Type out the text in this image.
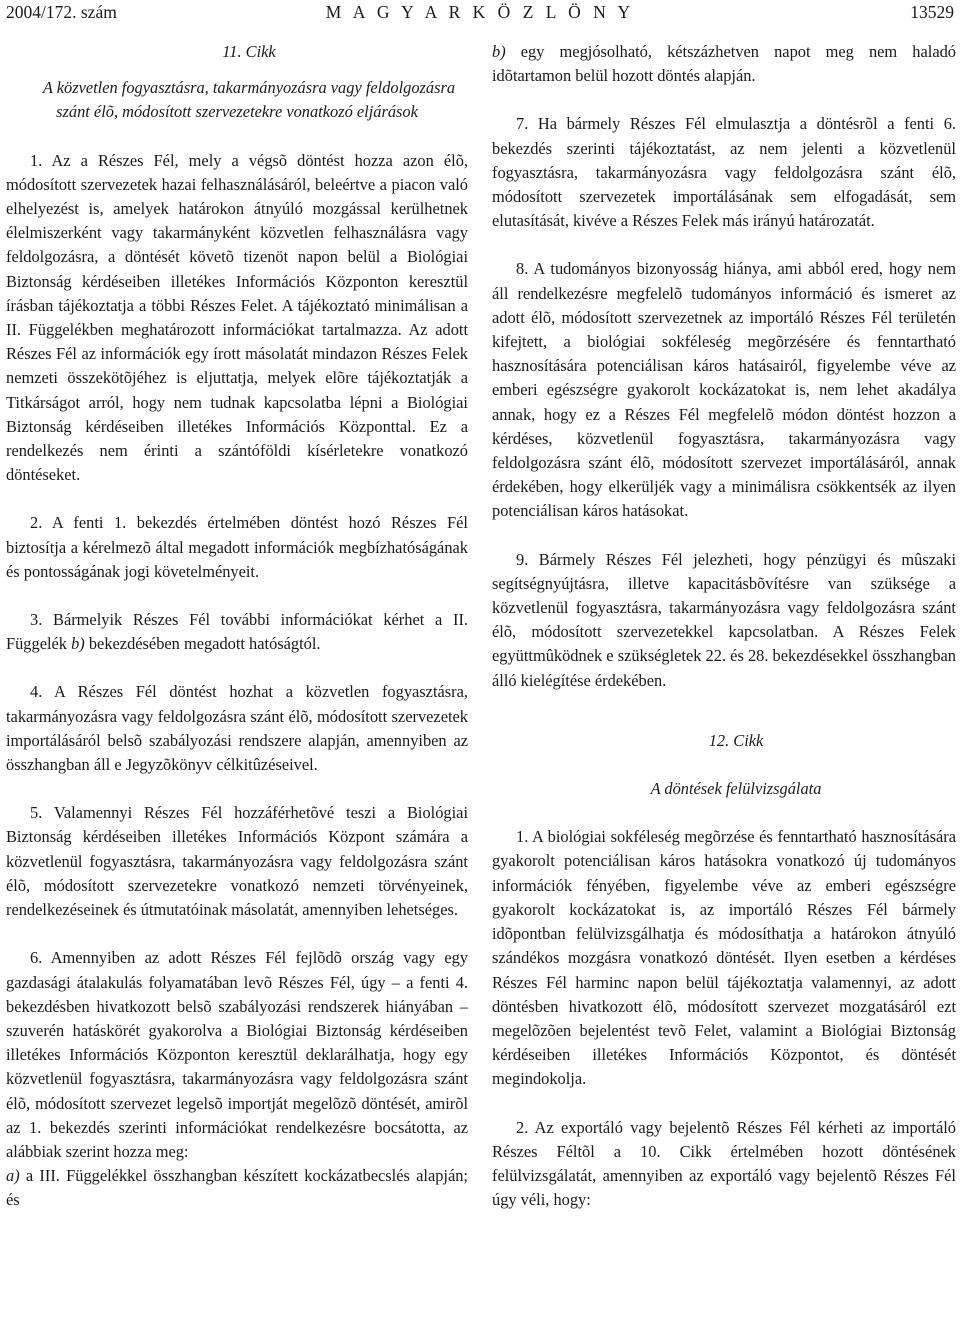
2004/172. szám	M A G Y A R K Ö Z L Ö N Y	13529

11. Cikk

A közvetlen fogyasztásra, takarmányozásra vagy feldolgozásra szánt élõ, módosított szervezetekre vonatkozó eljárások

1. Az a Részes Fél, mely a végsõ döntést hozza azon élõ, módosított szervezetek hazai felhasználásáról, beleértve a piacon való elhelyezést is, amelyek határokon átnyúló mozgással kerülhetnek élelmiszerként vagy takarmányként közvetlen felhasználásra vagy feldolgozásra, a döntését követõ tizenöt napon belül a Biológiai Biztonság kérdéseiben illetékes Információs Központon keresztül írásban tájékoztatja a többi Részes Felet. A tájékoztató minimálisan a II. Függelékben meghatározott információkat tartalmazza. Az adott Részes Fél az információk egy írott másolatát mindazon Részes Felek nemzeti összekötõjéhez is eljuttatja, melyek elõre tájékoztatják a Titkárságot arról, hogy nem tudnak kapcsolatba lépni a Biológiai Biztonság kérdéseiben illetékes Információs Központtal. Ez a rendelkezés nem érinti a szántóföldi kísérletekre vonatkozó döntéseket.

2. A fenti 1. bekezdés értelmében döntést hozó Részes Fél biztosítja a kérelmezõ által megadott információk megbízhatóságának és pontosságának jogi követelményeit.

3. Bármelyik Részes Fél további információkat kérhet a II. Függelék b) bekezdésében megadott hatóságtól.

4. A Részes Fél döntést hozhat a közvetlen fogyasztásra, takarmányozásra vagy feldolgozásra szánt élõ, módosított szervezetek importálásáról belsõ szabályozási rendszere alapján, amennyiben az összhangban áll e Jegyzõkönyv célkitûzéseivel.

5. Valamennyi Részes Fél hozzáférhetõvé teszi a Biológiai Biztonság kérdéseiben illetékes Információs Központ számára a közvetlenül fogyasztásra, takarmányozásra vagy feldolgozásra szánt élõ, módosított szervezetekre vonatkozó nemzeti törvényeinek, rendelkezéseinek és útmutatóinak másolatát, amennyiben lehetséges.

6. Amennyiben az adott Részes Fél fejlõdõ ország vagy egy gazdasági átalakulás folyamatában levõ Részes Fél, úgy – a fenti 4. bekezdésben hivatkozott belsõ szabályozási rendszerek hiányában – szuverén hatáskörét gyakorolva a Biológiai Biztonság kérdéseiben illetékes Információs Központon keresztül deklarálhatja, hogy egy közvetlenül fogyasztásra, takarmányozásra vagy feldolgozásra szánt élõ, módosított szervezet legelsõ importját megelõzõ döntését, amirõl az 1. bekezdés szerinti információkat rendelkezésre bocsátotta, az alábbiak szerint hozza meg:

a) a III. Függelékkel összhangban készített kockázatbecslés alapján; és

b) egy megjósolható, kétszázhetven napot meg nem haladó idõtartamon belül hozott döntés alapján.

7. Ha bármely Részes Fél elmulasztja a döntésrõl a fenti 6. bekezdés szerinti tájékoztatást, az nem jelenti a közvetlenül fogyasztásra, takarmányozásra vagy feldolgozásra szánt élõ, módosított szervezetek importálásának sem elfogadását, sem elutasítását, kivéve a Részes Felek más irányú határozatát.

8. A tudományos bizonyosság hiánya, ami abból ered, hogy nem áll rendelkezésre megfelelõ tudományos információ és ismeret az adott élõ, módosított szervezetnek az importáló Részes Fél területén kifejtett, a biológiai sokféleség megõrzésére és fenntartható hasznosítására potenciálisan káros hatásairól, figyelembe véve az emberi egészségre gyakorolt kockázatokat is, nem lehet akadálya annak, hogy ez a Részes Fél megfelelõ módon döntést hozzon a kérdéses, közvetlenül fogyasztásra, takarmányozásra vagy feldolgozásra szánt élõ, módosított szervezet importálásáról, annak érdekében, hogy elkerüljék vagy a minimálisra csökkentsék az ilyen potenciálisan káros hatásokat.

9. Bármely Részes Fél jelezheti, hogy pénzügyi és mûszaki segítségnyújtásra, illetve kapacitásbõvítésre van szüksége a közvetlenül fogyasztásra, takarmányozásra vagy feldolgozásra szánt élõ, módosított szervezetekkel kapcsolatban. A Részes Felek együttmûködnek e szükségletek 22. és 28. bekezdésekkel összhangban álló kielégítése érdekében.

12. Cikk

A döntések felülvizsgálata

1. A biológiai sokféleség megõrzése és fenntartható hasznosítására gyakorolt potenciálisan káros hatásokra vonatkozó új tudományos információk fényében, figyelembe véve az emberi egészségre gyakorolt kockázatokat is, az importáló Részes Fél bármely idõpontban felülvizsgálhatja és módosíthatja a határokon átnyúló szándékos mozgásra vonatkozó döntését. Ilyen esetben a kérdéses Részes Fél harminc napon belül tájékoztatja valamennyi, az adott döntésben hivatkozott élõ, módosított szervezet mozgatásáról ezt megelõzõen bejelentést tevõ Felet, valamint a Biológiai Biztonság kérdéseiben illetékes Információs Központot, és döntését megindokolja.

2. Az exportáló vagy bejelentõ Részes Fél kérheti az importáló Részes Féltõl a 10. Cikk értelmében hozott döntésének felülvizsgálatát, amennyiben az exportáló vagy bejelentõ Részes Fél úgy véli, hogy:
